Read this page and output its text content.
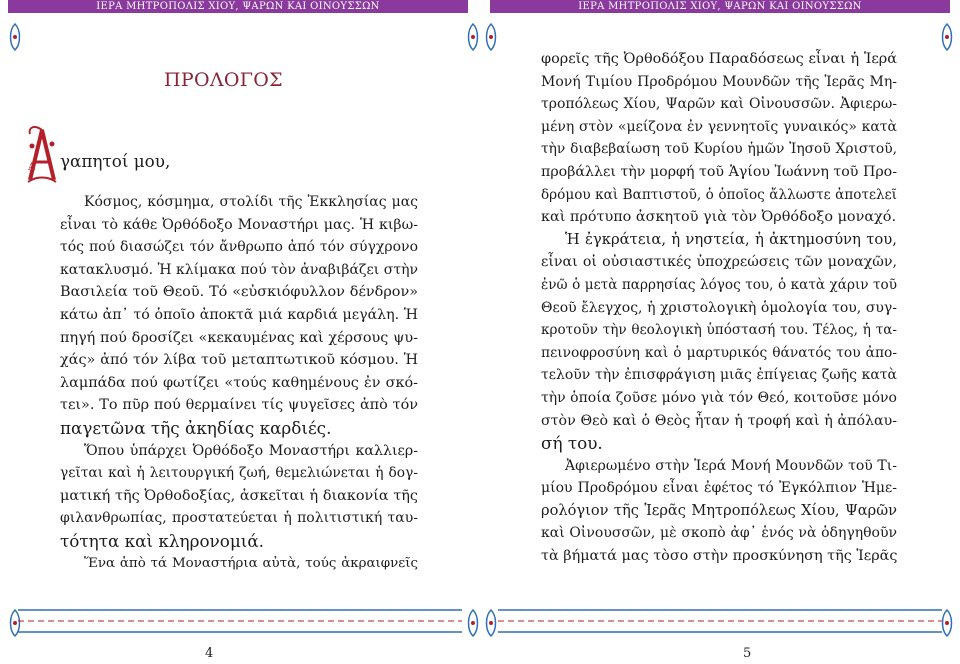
ΙΕΡΑ ΜΗΤΡΟΠΟΛΙΣ ΧΙΟΥ, ΨΑΡΩΝ ΚΑΙ ΟΙΝΟΥΣΣΩΝ
ΠΡΟΛΟΓΟΣ
Α γαπητοί μου,
Κόσμος, κόσμημα, στολίδι τῆς Ἐκκλησίας μας
εἶναι τὸ κάθε Ὀρθόδοξο Μοναστήρι μας. Ἡ κιβω-
τός πού διασώζει τόν ἄνθρωπο ἀπό τόν σύγχρονο
κατακλυσμό. Ἡ κλίμακα πού τὸν ἀναβιβάζει στὴν
Βασιλεία τοῦ Θεοῦ. Τό «εὐσκιόφυλλον δένδρον»
κάτω ἀπ᾽ τό ὁποῖο ἀποκτᾶ μιά καρδιά μεγάλη. Ἡ
πηγή πού δροσίζει «κεκαυμένας καὶ χέρσους ψυ-
χάς» ἀπό τόν λίβα τοῦ μεταπτωτικοῦ κόσμου. Ἡ
λαμπάδα πού φωτίζει «τούς καθημένους ἐν σκό-
τει». Το πῦρ πού θερμαίνει τίς ψυγεῖσες ἀπὸ τόν
παγετῶνα τῆς ἀκηδίας καρδιές.
Ὅπου ὑπάρχει Ὀρθόδοξο Μοναστήρι καλλιερ-
γεῖται καὶ ἡ λειτουργική ζωή, θεμελιώνεται ἡ δογ-
ματική τῆς Ὀρθοδοξίας, ἀσκεῖται ἡ διακονία τῆς
φιλανθρωπίας, προστατεύεται ἡ πολιτιστική ταυ-
τότητα καὶ κληρονομιά.
Ἕνα ἀπὸ τά Μοναστήρια αὐτὰ, τούς ἀκραιφνεῖς
4
ΙΕΡΑ ΜΗΤΡΟΠΟΛΙΣ ΧΙΟΥ, ΨΑΡΩΝ ΚΑΙ ΟΙΝΟΥΣΣΩΝ
φορεῖς τῆς Ὀρθοδόξου Παραδόσεως εἶναι ἡ Ἱερά
Μονή Τιμίου Προδρόμου Μουνδῶν τῆς Ἱερᾶς Μη-
τροπόλεως Χίου, Ψαρῶν καὶ Οἰνουσσῶν. Ἀφιερω-
μένη στὸν «μείζονα ἐν γεννητοῖς γυναικός» κατὰ
τὴν διαβεβαίωση τοῦ Κυρίου ἡμῶν Ἰησοῦ Χριστοῦ,
προβάλλει τὴν μορφή τοῦ Ἁγίου Ἰωάννη τοῦ Προ-
δρόμου καὶ Βαπτιστοῦ, ὁ ὁποῖος ἄλλωστε ἀποτελεῖ
καὶ πρότυπο ἀσκητοῦ γιὰ τὸν Ὀρθόδοξο μοναχό.
Ἡ ἐγκράτεια, ἡ νηστεία, ἡ ἀκτημοσύνη του,
εἶναι οἱ οὐσιαστικές ὑποχρεώσεις τῶν μοναχῶν,
ἐνῶ ὁ μετὰ παρρησίας λόγος του, ὁ κατὰ χάριν τοῦ
Θεοῦ ἔλεγχος, ἡ χριστολογικὴ ὁμολογία του, συγ-
κροτοῦν τὴν θεολογικὴ ὑπόστασή του. Τέλος, ἡ τα-
πεινοφροσύνη καὶ ὁ μαρτυρικός θάνατός του ἀπο-
τελοῦν τὴν ἐπισφράγιση μιᾶς ἐπίγειας ζωῆς κατὰ
τὴν ὁποία ζοῦσε μόνο γιὰ τόν Θεό, κοιτοῦσε μόνο
στὸν Θεὸ καὶ ὁ Θεὸς ἦταν ἡ τροφή καὶ ἡ ἀπόλαυ-
σή του.
Ἀφιερωμένο στὴν Ἱερά Μονή Μουνδῶν τοῦ Τι-
μίου Προδρόμου εἶναι ἐφέτος τό Ἐγκόλπιον Ἡμε-
ρολόγιον τῆς Ἱερᾶς Μητροπόλεως Χίου, Ψαρῶν
καὶ Οἰνουσσῶν, μὲ σκοπὸ ἀφ᾽ ἑνός νὰ ὁδηγηθοῦν
τὰ βήματά μας τὸσο στὴν προσκύνηση τῆς Ἱερᾶς
5
